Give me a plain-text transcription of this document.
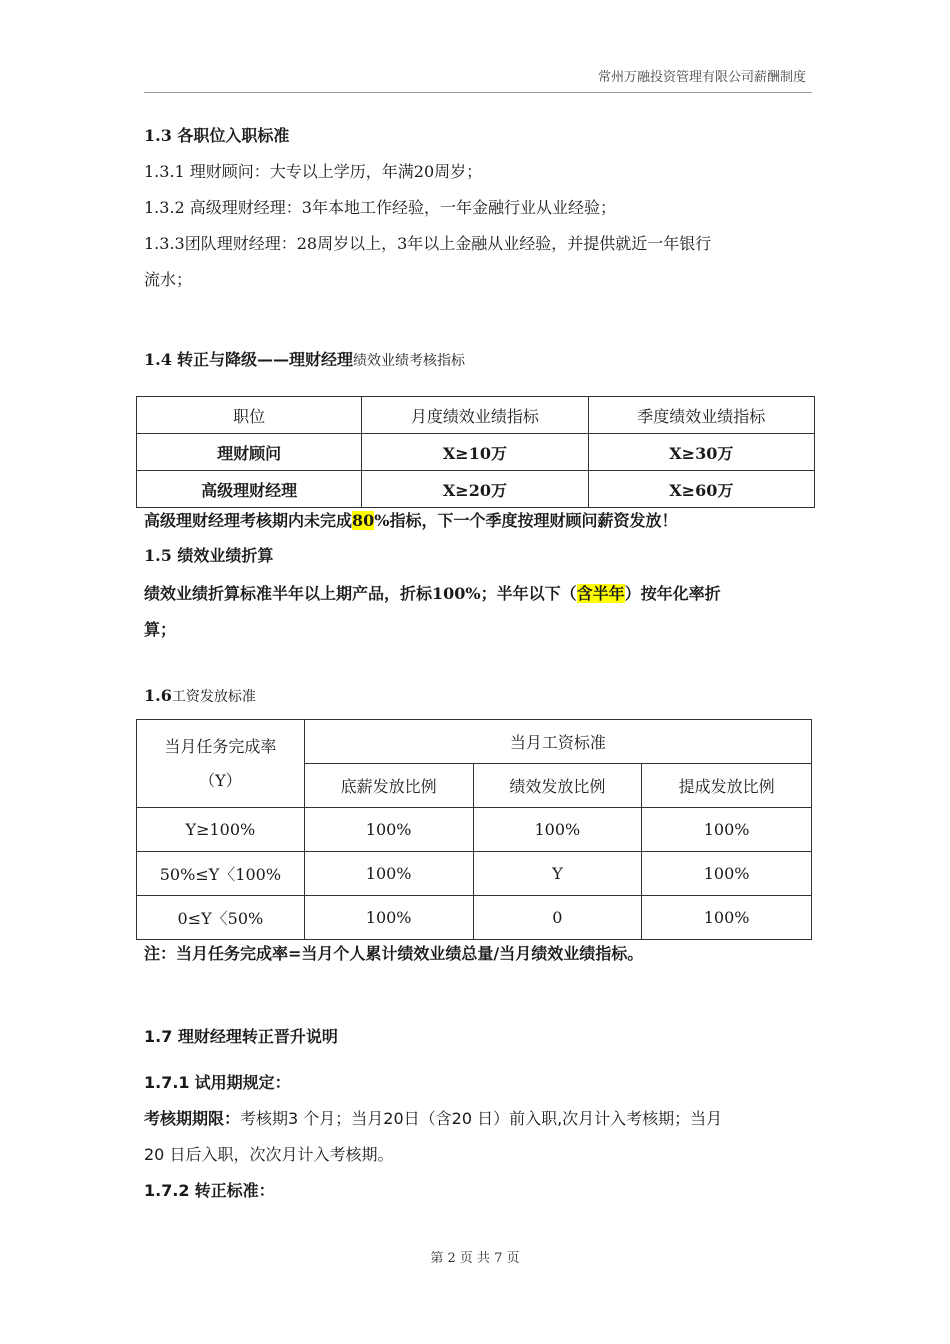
常州万融投资管理有限公司薪酬制度

1.3 各职位入职标准

1.3.1 理财顾问：大专以上学历，年满20周岁；

1.3.2 高级理财经理：3年本地工作经验，一年金融行业从业经验；

1.3.3团队理财经理：28周岁以上，3年以上金融从业经验，并提供就近一年银行

流水；

1.4 转正与降级——理财经理绩效业绩考核指标

职位	月度绩效业绩指标	季度绩效业绩指标
理财顾问	X≥10万	X≥30万
高级理财经理	X≥20万	X≥60万

高级理财经理考核期内未完成80%指标，下一个季度按理财顾问薪资发放！

1.5 绩效业绩折算

绩效业绩折算标准半年以上期产品，折标100%；半年以下（含半年）按年化率折

算；

1.6工资发放标准

当月任务完成率
（Y）	当月工资标准		
	底薪发放比例	绩效发放比例	提成发放比例
Y≥100%	100%	100%	100%
50%≤Y〈100%	100%	Y	100%
0≤Y〈50%	100%	0	100%

注：当月任务完成率=当月个人累计绩效业绩总量/当月绩效业绩指标。

1.7 理财经理转正晋升说明

1.7.1 试用期规定：

考核期期限：考核期3 个月；当月20日（含20 日）前入职,次月计入考核期；当月

20 日后入职，次次月计入考核期。

1.7.2 转正标准：

第 2 页 共 7 页
